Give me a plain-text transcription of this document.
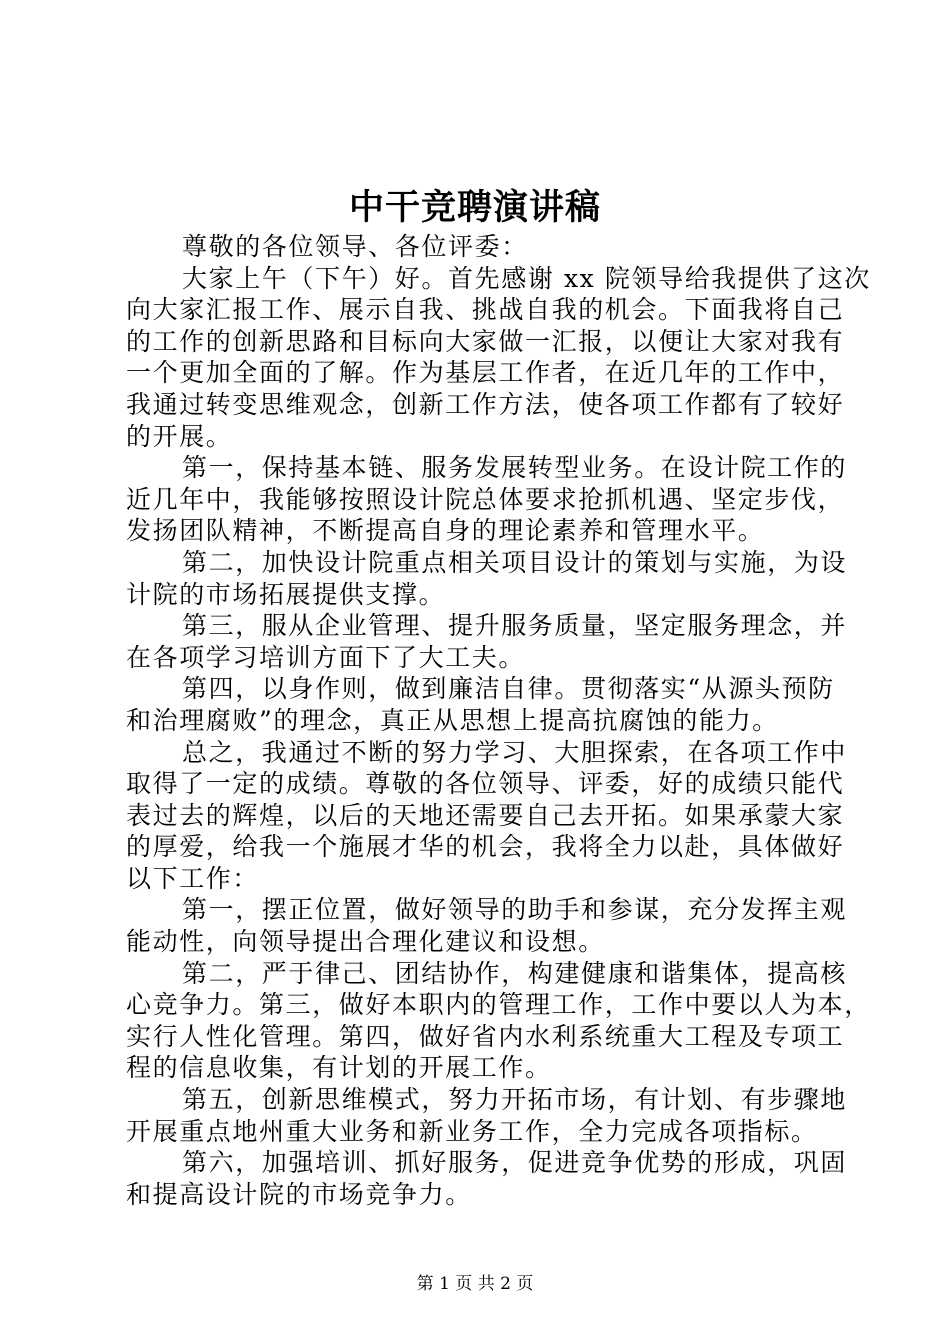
中干竞聘演讲稿
尊敬的各位领导、各位评委：
大家上午（下午）好。首先感谢 xx 院领导给我提供了这次
向大家汇报工作、展示自我、挑战自我的机会。下面我将自己
的工作的创新思路和目标向大家做一汇报，以便让大家对我有
一个更加全面的了解。作为基层工作者，在近几年的工作中，
我通过转变思维观念，创新工作方法，使各项工作都有了较好
的开展。
第一，保持基本链、服务发展转型业务。在设计院工作的
近几年中，我能够按照设计院总体要求抢抓机遇、坚定步伐，
发扬团队精神，不断提高自身的理论素养和管理水平。
第二，加快设计院重点相关项目设计的策划与实施，为设
计院的市场拓展提供支撑。
第三，服从企业管理、提升服务质量，坚定服务理念，并
在各项学习培训方面下了大工夫。
第四，以身作则，做到廉洁自律。贯彻落实“从源头预防
和治理腐败”的理念，真正从思想上提高抗腐蚀的能力。
总之，我通过不断的努力学习、大胆探索，在各项工作中
取得了一定的成绩。尊敬的各位领导、评委，好的成绩只能代
表过去的辉煌，以后的天地还需要自己去开拓。如果承蒙大家
的厚爱，给我一个施展才华的机会，我将全力以赴，具体做好
以下工作：
第一，摆正位置，做好领导的助手和参谋，充分发挥主观
能动性，向领导提出合理化建议和设想。
第二，严于律己、团结协作，构建健康和谐集体，提高核
心竞争力。第三，做好本职内的管理工作，工作中要以人为本，
实行人性化管理。第四，做好省内水利系统重大工程及专项工
程的信息收集，有计划的开展工作。
第五，创新思维模式，努力开拓市场，有计划、有步骤地
开展重点地州重大业务和新业务工作，全力完成各项指标。
第六，加强培训、抓好服务，促进竞争优势的形成，巩固
和提高设计院的市场竞争力。
第 1 页 共 2 页
